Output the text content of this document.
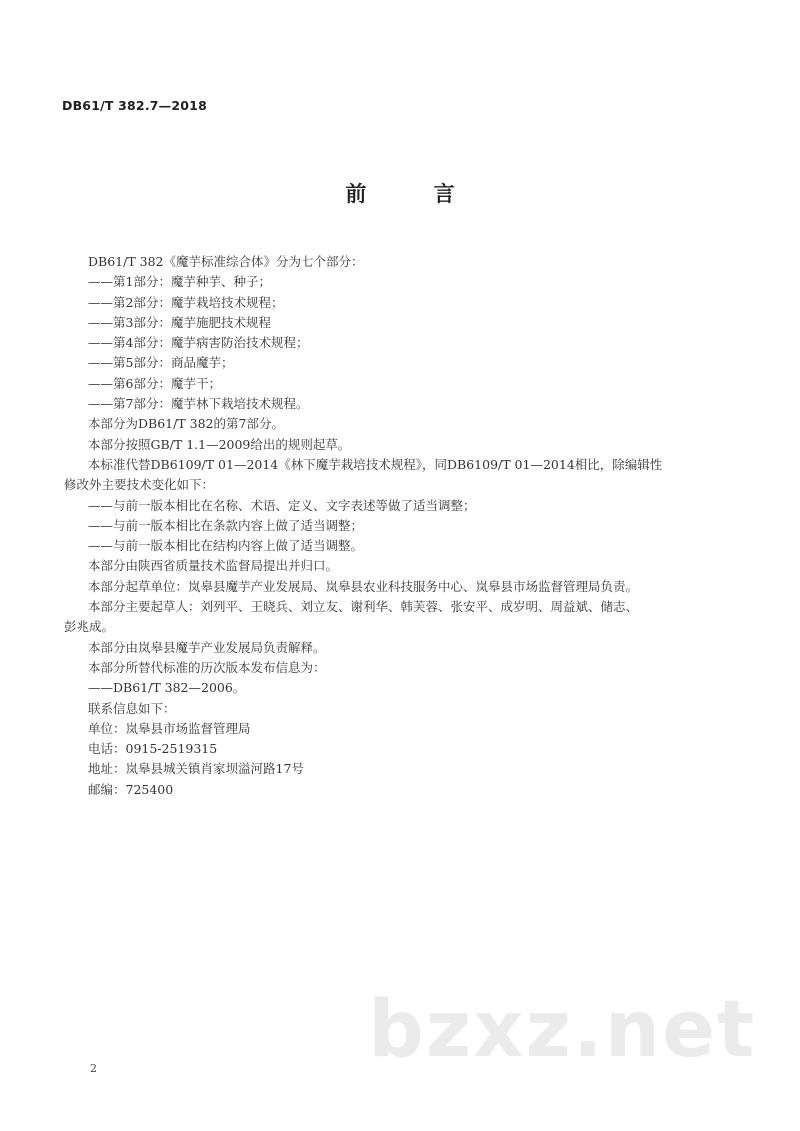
DB61/T 382.7—2018
前 言

DB61/T 382《魔芋标准综合体》分为七个部分：

——第1部分：魔芋种芋、种子；

——第2部分：魔芋栽培技术规程；

——第3部分：魔芋施肥技术规程

——第4部分：魔芋病害防治技术规程；

——第5部分：商品魔芋；

——第6部分：魔芋干；

——第7部分：魔芋林下栽培技术规程。

本部分为DB61/T 382的第7部分。

本部分按照GB/T 1.1—2009给出的规则起草。

本标准代替DB6109/T 01—2014《林下魔芋栽培技术规程》，同DB6109/T 01—2014相比，除编辑性

修改外主要技术变化如下：

——与前一版本相比在名称、术语、定义、文字表述等做了适当调整；

——与前一版本相比在条款内容上做了适当调整；

——与前一版本相比在结构内容上做了适当调整。

本部分由陕西省质量技术监督局提出并归口。

本部分起草单位：岚皋县魔芋产业发展局、岚皋县农业科技服务中心、岚皋县市场监督管理局负责。

本部分主要起草人：刘列平、王晓兵、刘立友、谢利华、韩芙蓉、张安平、成岁明、周益斌、储志、

彭兆成。

本部分由岚皋县魔芋产业发展局负责解释。

本部分所替代标准的历次版本发布信息为：

——DB61/T 382—2006。

联系信息如下：

单位：岚皋县市场监督管理局

电话：0915-2519315

地址：岚皋县城关镇肖家坝溢河路17号

邮编：725400

2	bzxz.net
